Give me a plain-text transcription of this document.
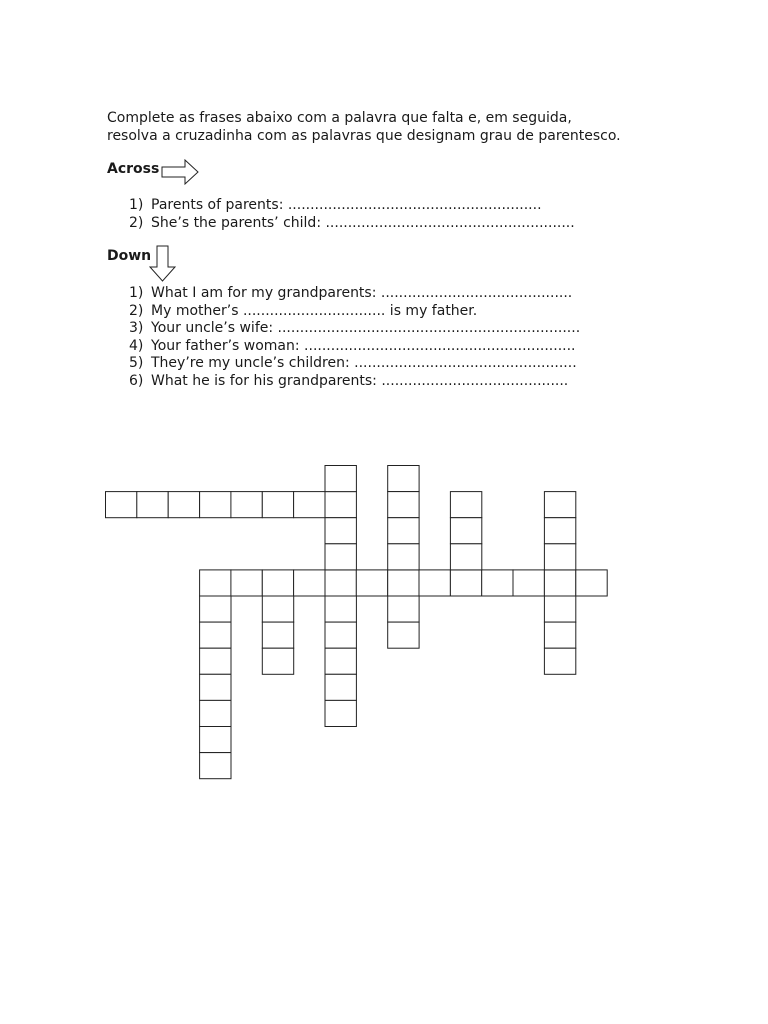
Complete as frases abaixo com a palavra que falta e, em seguida,
resolva a cruzadinha com as palavras que designam grau de parentesco.
Across
1) Parents of parents: .........................................................
2) She’s the parents’ child: ........................................................
Down
1) What I am for my grandparents: ...........................................
2) My mother’s ................................ is my father.
3) Your uncle’s wife: ....................................................................
4) Your father’s woman: .............................................................
5) They’re my uncle’s children: ..................................................
6) What he is for his grandparents: ..........................................
